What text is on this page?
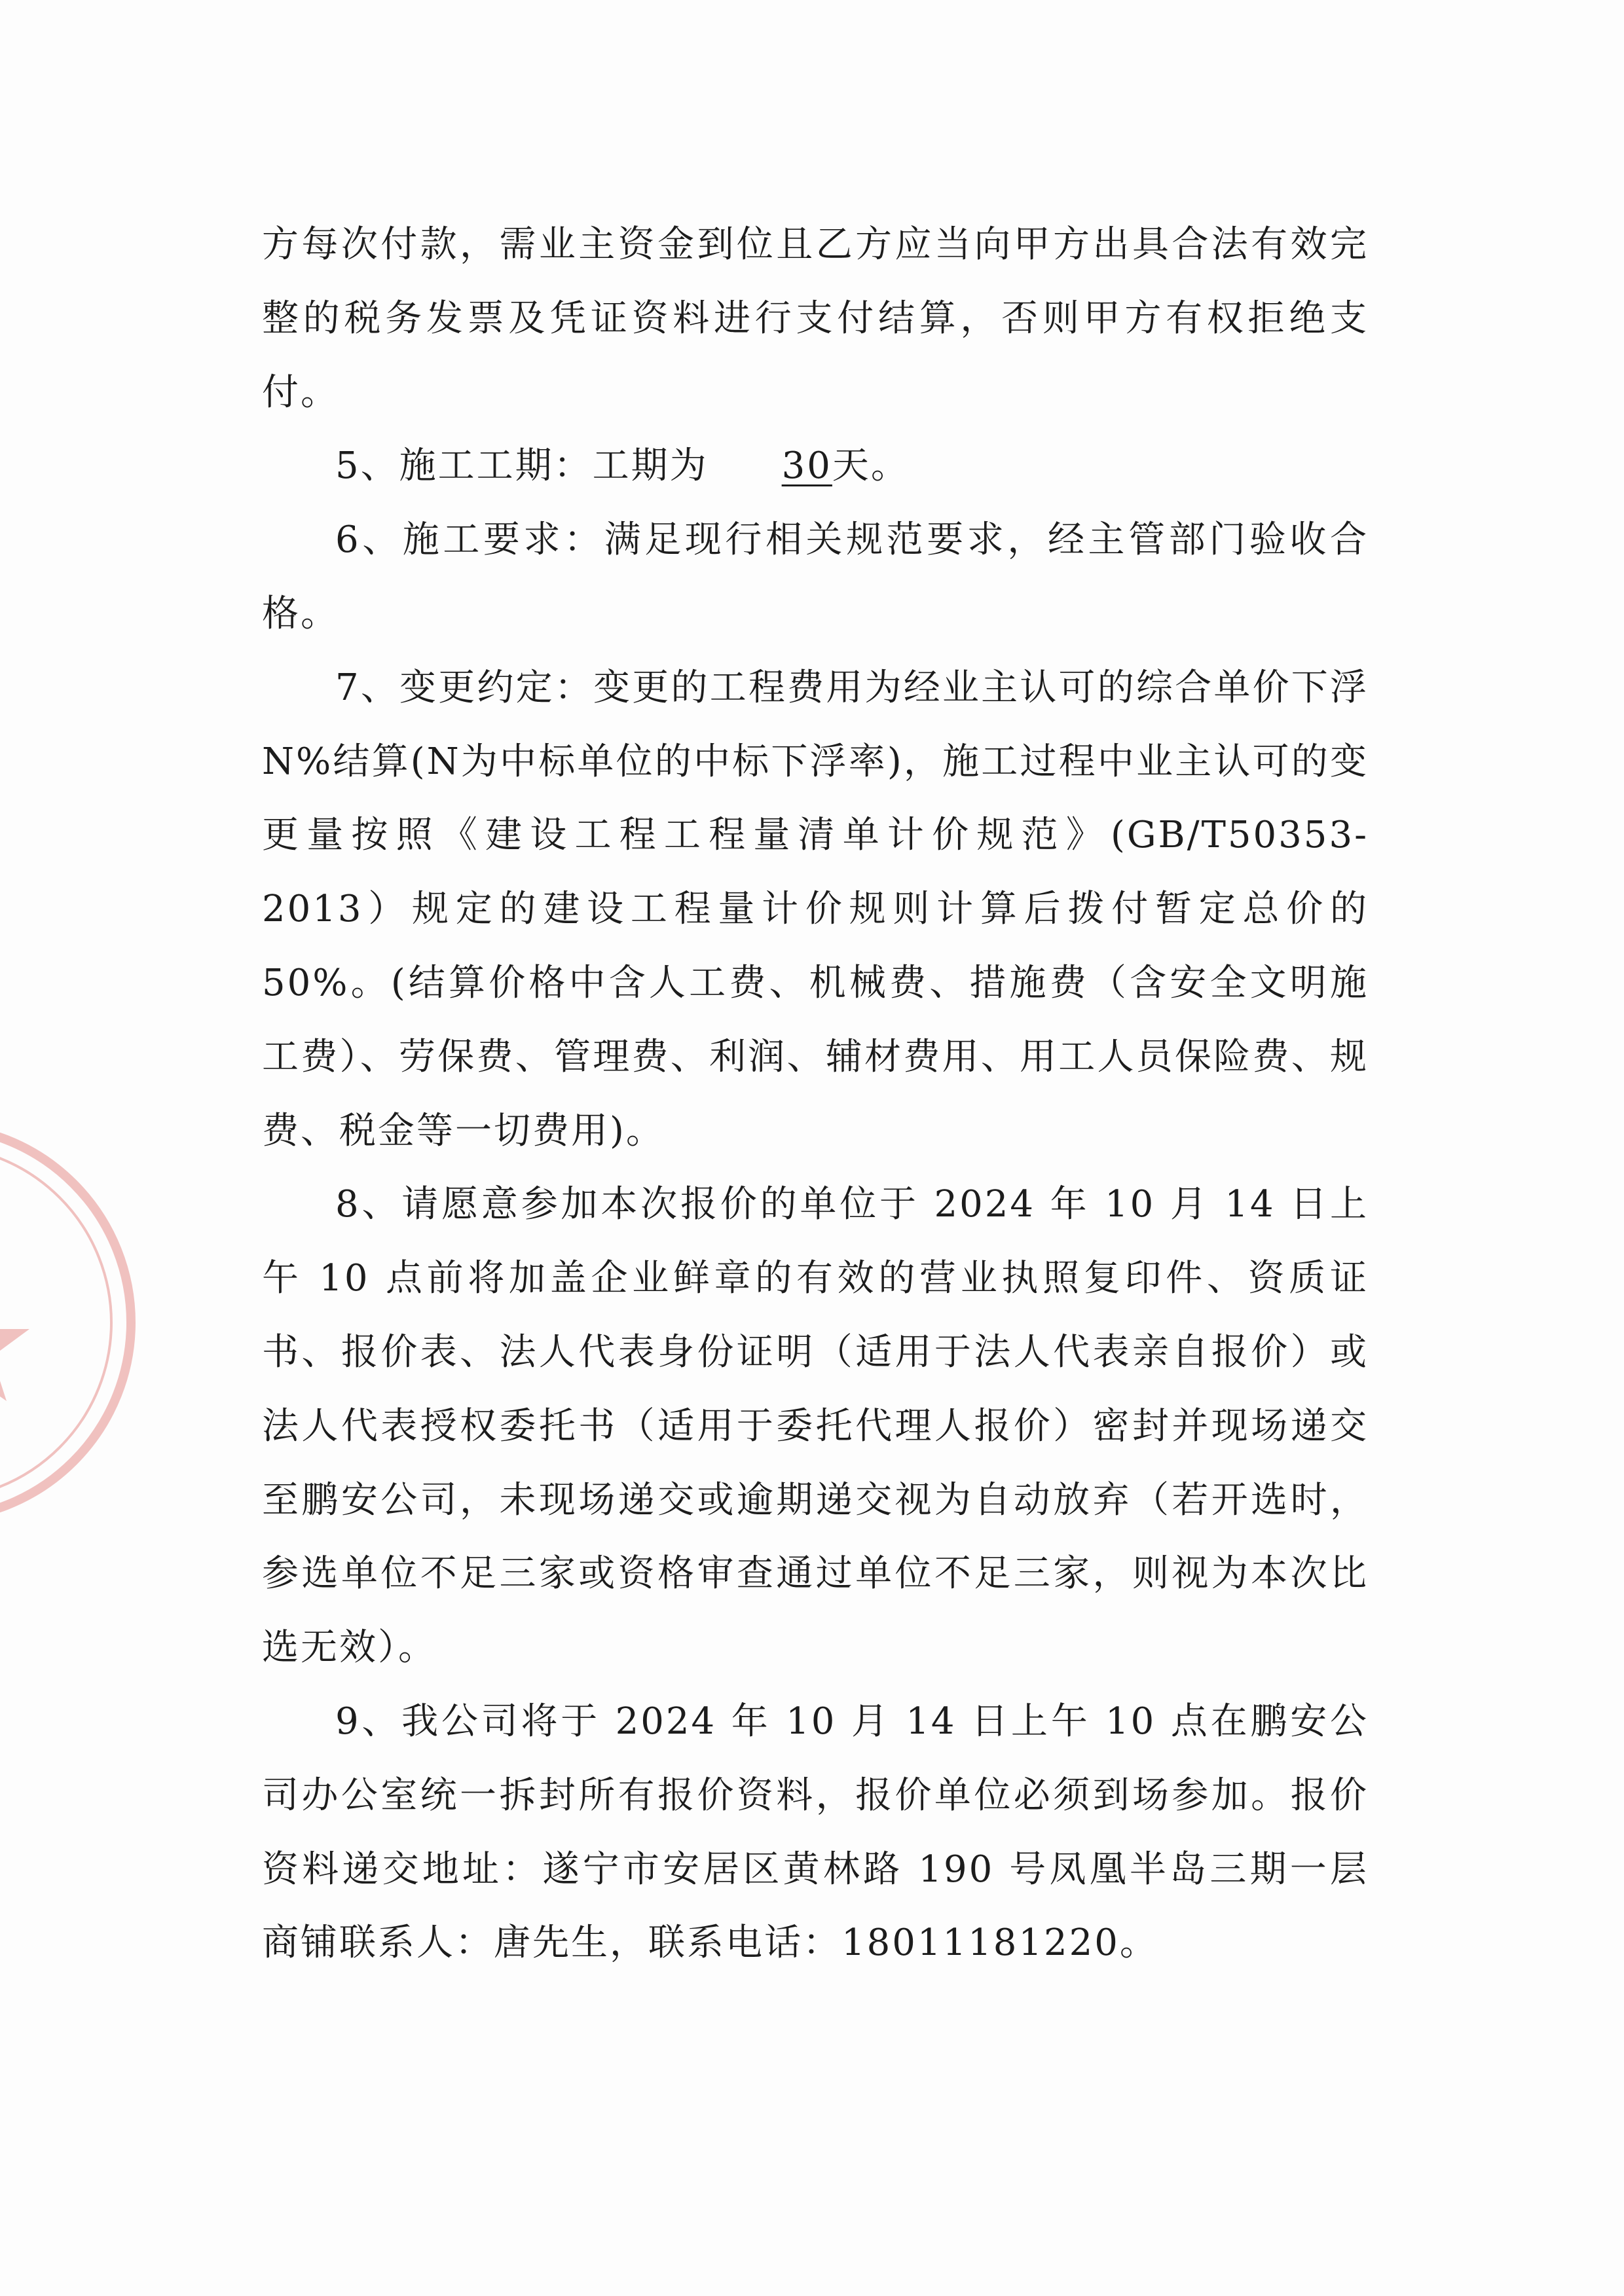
方每次付款，需业主资金到位且乙方应当向甲方出具合法有效完整的税务发票及凭证资料进行支付结算，否则甲方有权拒绝支付。

5、施工工期：工期为 30天。

6、施工要求：满足现行相关规范要求，经主管部门验收合格。

7、变更约定：变更的工程费用为经业主认可的综合单价下浮 N%结算(N为中标单位的中标下浮率)，施工过程中业主认可的变更量按照《建设工程工程量清单计价规范》(GB/T50353-2013）规定的建设工程量计价规则计算后拨付暂定总价的50%。(结算价格中含人工费、机械费、措施费（含安全文明施工费）、劳保费、管理费、利润、辅材费用、用工人员保险费、规费、税金等一切费用)。

8、请愿意参加本次报价的单位于 2024 年 10 月 14 日上午 10 点前将加盖企业鲜章的有效的营业执照复印件、资质证书、报价表、法人代表身份证明（适用于法人代表亲自报价）或法人代表授权委托书（适用于委托代理人报价）密封并现场递交至鹏安公司，未现场递交或逾期递交视为自动放弃（若开选时，参选单位不足三家或资格审查通过单位不足三家，则视为本次比选无效）。

9、我公司将于 2024 年 10 月 14 日上午 10 点在鹏安公司办公室统一拆封所有报价资料，报价单位必须到场参加。报价资料递交地址：遂宁市安居区黄林路 190 号凤凰半岛三期一层商铺联系人：唐先生，联系电话：18011181220。
